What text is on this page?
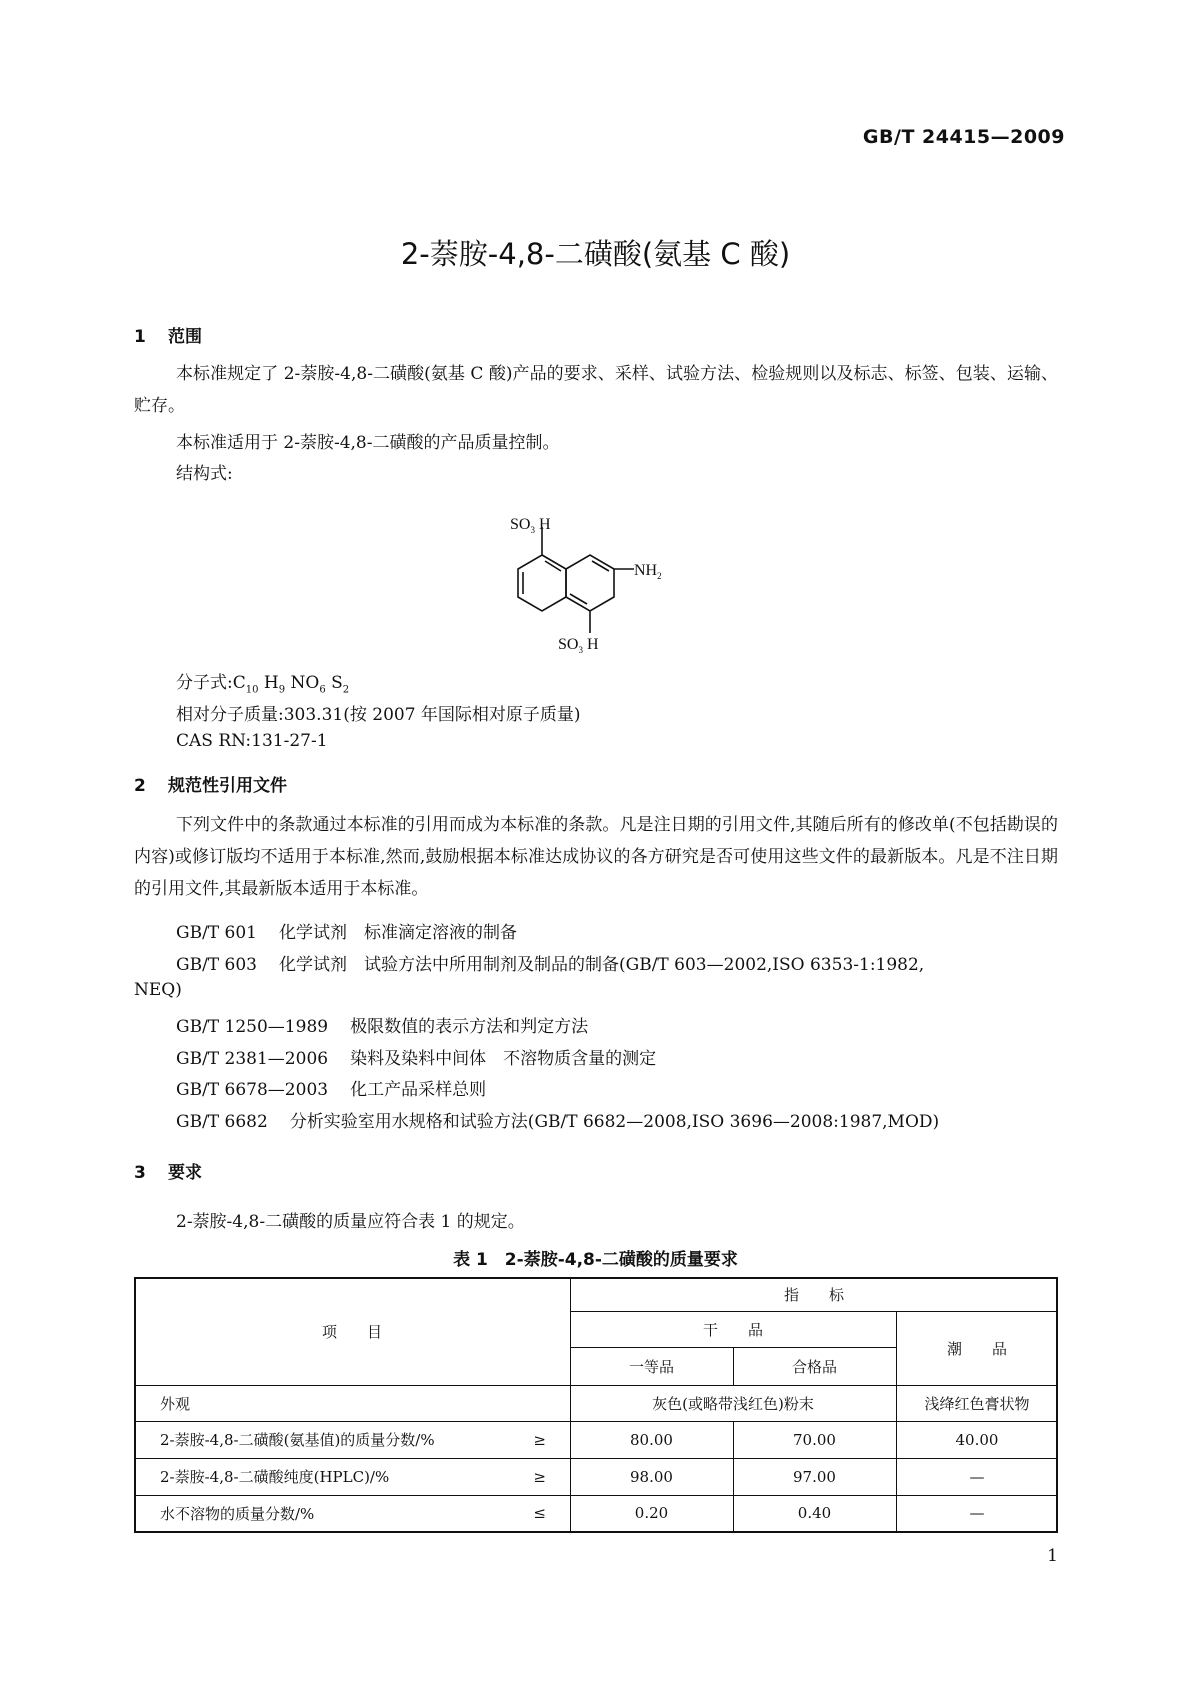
GB/T 24415—2009
2-萘胺-4,8-二磺酸(氨基 C 酸)
1 范围
本标准规定了 2-萘胺-4,8-二磺酸(氨基 C 酸)产品的要求、采样、试验方法、检验规则以及标志、标签、包装、运输、贮存。
本标准适用于 2-萘胺-4,8-二磺酸的产品质量控制。
结构式:
$SO_3$ H
$NH_2$
$SO_3$ H
分子式$:C_{10}$ $H_9$ $NO_6$ $S_2$
相对分子质量:303.31(按 2007 年国际相对原子质量)
CAS RN:131-27-1
2 规范性引用文件
下列文件中的条款通过本标准的引用而成为本标准的条款。凡是注日期的引用文件,其随后所有的修改单(不包括勘误的内容)或修订版均不适用于本标准,然而,鼓励根据本标准达成协议的各方研究是否可使用这些文件的最新版本。凡是不注日期的引用文件,其最新版本适用于本标准。
GB/T 601 化学试剂　标准滴定溶液的制备
GB/T 603 化学试剂　试验方法中所用制剂及制品的制备(GB/T 603—2002,ISO 6353-1:1982,
NEQ)
GB/T 1250—1989 极限数值的表示方法和判定方法
GB/T 2381—2006 染料及染料中间体　不溶物质含量的测定
GB/T 6678—2003 化工产品采样总则
GB/T 6682 分析实验室用水规格和试验方法(GB/T 6682—2008,ISO 3696—2008:1987,MOD)
3 要求
2-萘胺-4,8-二磺酸的质量应符合表 1 的规定。
表 1　2-萘胺-4,8-二磺酸的质量要求
项　　目
指　　标
干　　品
一等品	合格品
潮　　品
外观	灰色(或略带浅红色)粉末	浅绛红色膏状物
2-萘胺-4,8-二磺酸(氨基值)的质量分数/%	≥	80.00	70.00	40.00
2-萘胺-4,8-二磺酸纯度(HPLC)/%	≥	98.00	97.00	—
水不溶物的质量分数/%	≤	0.20	0.40	—
1
